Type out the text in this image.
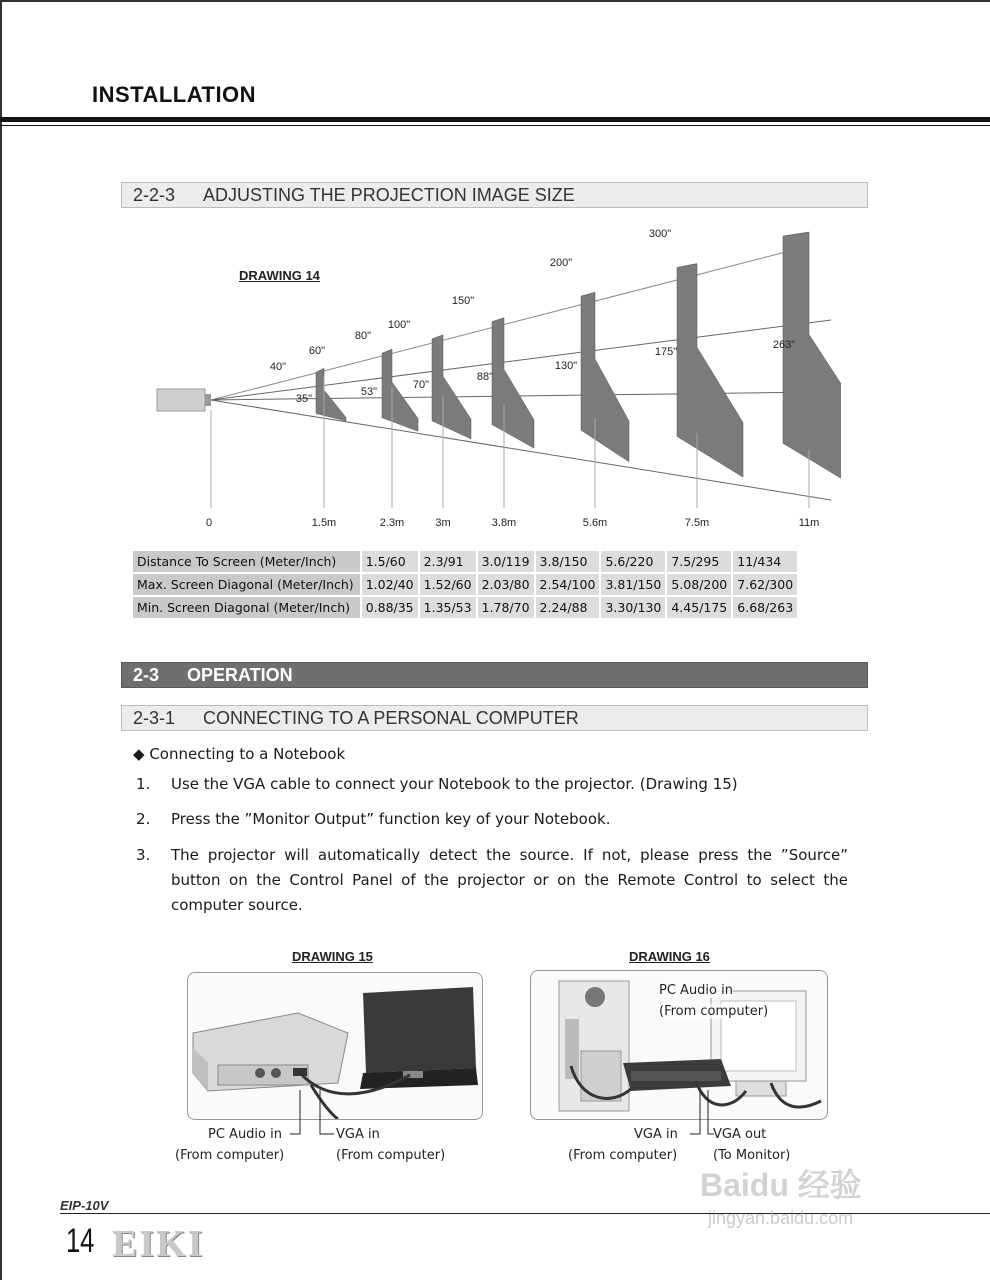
INSTALLATION
2-2-3 ADJUSTING THE PROJECTION IMAGE SIZE
DRAWING 14
40"
60"
80"
100"
150"
200"
300"
35"
53"
70"
88"
130"
175"
263"
0	1.5m	2.3m	3m	3.8m	5.6m	7.5m	11m
Distance To Screen (Meter/Inch)	1.5/60	2.3/91	3.0/119	3.8/150	5.6/220	7.5/295	11/434
Max. Screen Diagonal (Meter/Inch)	1.02/40	1.52/60	2.03/80	2.54/100	3.81/150	5.08/200	7.62/300
Min. Screen Diagonal (Meter/Inch)	0.88/35	1.35/53	1.78/70	2.24/88	3.30/130	4.45/175	6.68/263
2-3 OPERATION
2-3-1 CONNECTING TO A PERSONAL COMPUTER
◆ Connecting to a Notebook
1. Use the VGA cable to connect your Notebook to the projector. (Drawing 15)
2. Press the ”Monitor Output” function key of your Notebook.
3. The projector will automatically detect the source. If not, please press the ”Source” button on the Control Panel of the projector or on the Remote Control to select the computer source.
DRAWING 15
PC Audio in
(From computer)
VGA in
(From computer)
DRAWING 16
PC Audio in
(From computer)
VGA in
(From computer)
VGA out
(To Monitor)
EIP-10V
14 EIKI
Baidu 经验
jingyan.baidu.com
